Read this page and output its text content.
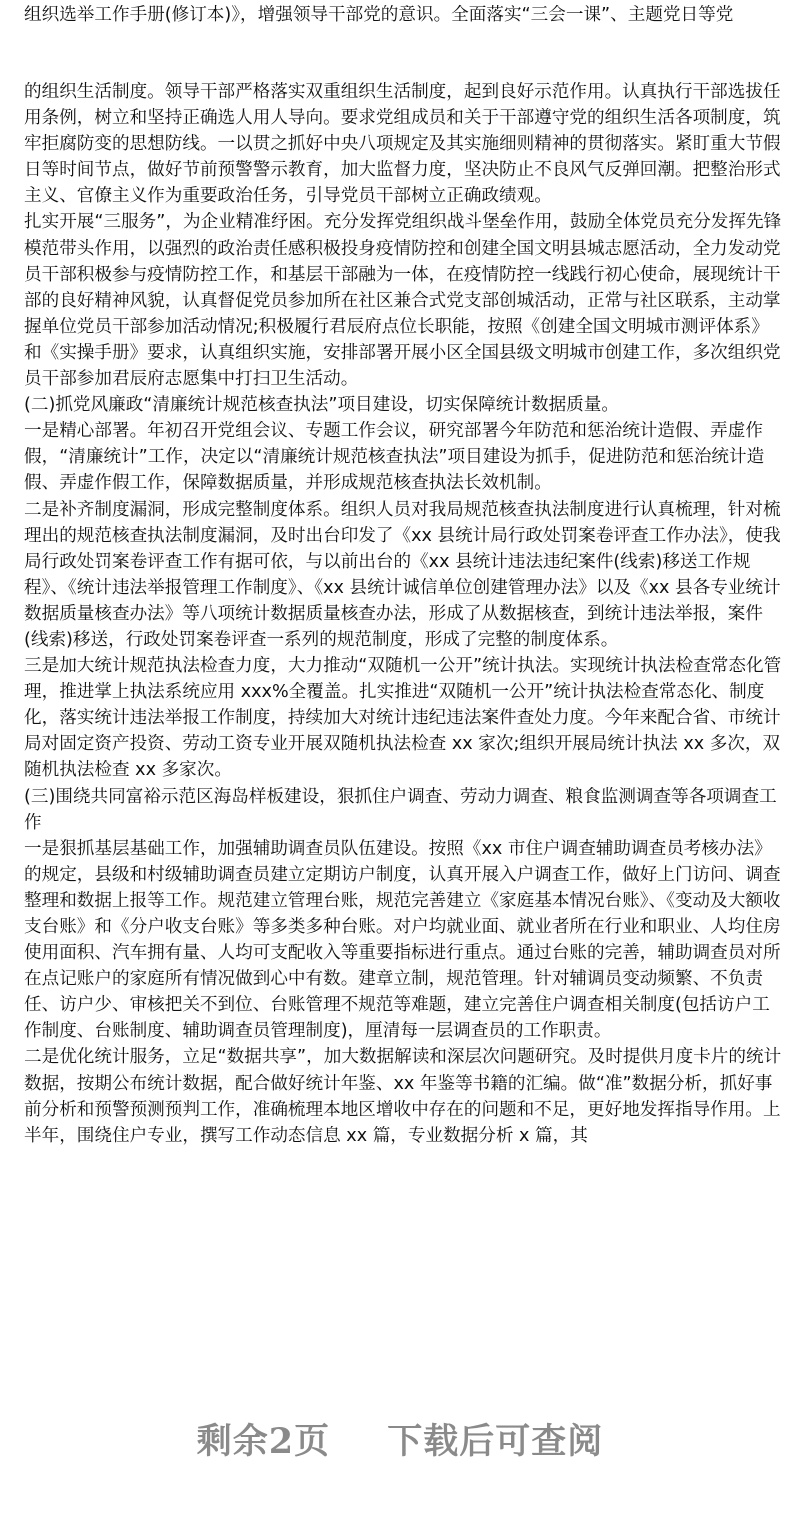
组织选举工作手册(修订本)》，增强领导干部党的意识。全面落实“三会一课”、主题党日等党

的组织生活制度。领导干部严格落实双重组织生活制度，起到良好示范作用。认真执行干部选拔任用条例，树立和坚持正确选人用人导向。要求党组成员和关于干部遵守党的组织生活各项制度，筑牢拒腐防变的思想防线。一以贯之抓好中央八项规定及其实施细则精神的贯彻落实。紧盯重大节假日等时间节点，做好节前预警警示教育，加大监督力度，坚决防止不良风气反弹回潮。把整治形式主义、官僚主义作为重要政治任务，引导党员干部树立正确政绩观。

扎实开展“三服务”，为企业精准纾困。充分发挥党组织战斗堡垒作用，鼓励全体党员充分发挥先锋模范带头作用，以强烈的政治责任感积极投身疫情防控和创建全国文明县城志愿活动，全力发动党员干部积极参与疫情防控工作，和基层干部融为一体，在疫情防控一线践行初心使命，展现统计干部的良好精神风貌，认真督促党员参加所在社区兼合式党支部创城活动，正常与社区联系，主动掌握单位党员干部参加活动情况;积极履行君辰府点位长职能，按照《创建全国文明城市测评体系》和《实操手册》要求，认真组织实施，安排部署开展小区全国县级文明城市创建工作，多次组织党员干部参加君辰府志愿集中打扫卫生活动。

(二)抓党风廉政“清廉统计规范核查执法”项目建设，切实保障统计数据质量。

一是精心部署。年初召开党组会议、专题工作会议，研究部署今年防范和惩治统计造假、弄虚作假，“清廉统计”工作，决定以“清廉统计规范核查执法”项目建设为抓手，促进防范和惩治统计造假、弄虚作假工作，保障数据质量，并形成规范核查执法长效机制。

二是补齐制度漏洞，形成完整制度体系。组织人员对我局规范核查执法制度进行认真梳理，针对梳理出的规范核查执法制度漏洞，及时出台印发了《xx 县统计局行政处罚案卷评查工作办法》，使我局行政处罚案卷评查工作有据可依，与以前出台的《xx 县统计违法违纪案件(线索)移送工作规程》、《统计违法举报管理工作制度》、《xx 县统计诚信单位创建管理办法》以及《xx 县各专业统计数据质量核查办法》等八项统计数据质量核查办法，形成了从数据核查，到统计违法举报，案件(线索)移送，行政处罚案卷评查一系列的规范制度，形成了完整的制度体系。

三是加大统计规范执法检查力度，大力推动“双随机一公开”统计执法。实现统计执法检查常态化管理，推进掌上执法系统应用 xxx%全覆盖。扎实推进“双随机一公开”统计执法检查常态化、制度化，落实统计违法举报工作制度，持续加大对统计违纪违法案件查处力度。今年来配合省、市统计局对固定资产投资、劳动工资专业开展双随机执法检查 xx 家次;组织开展局统计执法 xx 多次，双随机执法检查 xx 多家次。

(三)围绕共同富裕示范区海岛样板建设，狠抓住户调查、劳动力调查、粮食监测调查等各项调查工作

一是狠抓基层基础工作，加强辅助调查员队伍建设。按照《xx 市住户调查辅助调查员考核办法》的规定，县级和村级辅助调查员建立定期访户制度，认真开展入户调查工作，做好上门访问、调查整理和数据上报等工作。规范建立管理台账，规范完善建立《家庭基本情况台账》、《变动及大额收支台账》和《分户收支台账》等多类多种台账。对户均就业面、就业者所在行业和职业、人均住房使用面积、汽车拥有量、人均可支配收入等重要指标进行重点。通过台账的完善，辅助调查员对所在点记账户的家庭所有情况做到心中有数。建章立制，规范管理。针对辅调员变动频繁、不负责任、访户少、审核把关不到位、台账管理不规范等难题，建立完善住户调查相关制度(包括访户工作制度、台账制度、辅助调查员管理制度)，厘清每一层调查员的工作职责。

二是优化统计服务，立足“数据共享”，加大数据解读和深层次问题研究。及时提供月度卡片的统计数据，按期公布统计数据，配合做好统计年鉴、xx 年鉴等书籍的汇编。做“准”数据分析，抓好事前分析和预警预测预判工作，准确梳理本地区增收中存在的问题和不足，更好地发挥指导作用。上半年，围绕住户专业，撰写工作动态信息 xx 篇，专业数据分析 x 篇，其

剩余2页 下载后可查阅
